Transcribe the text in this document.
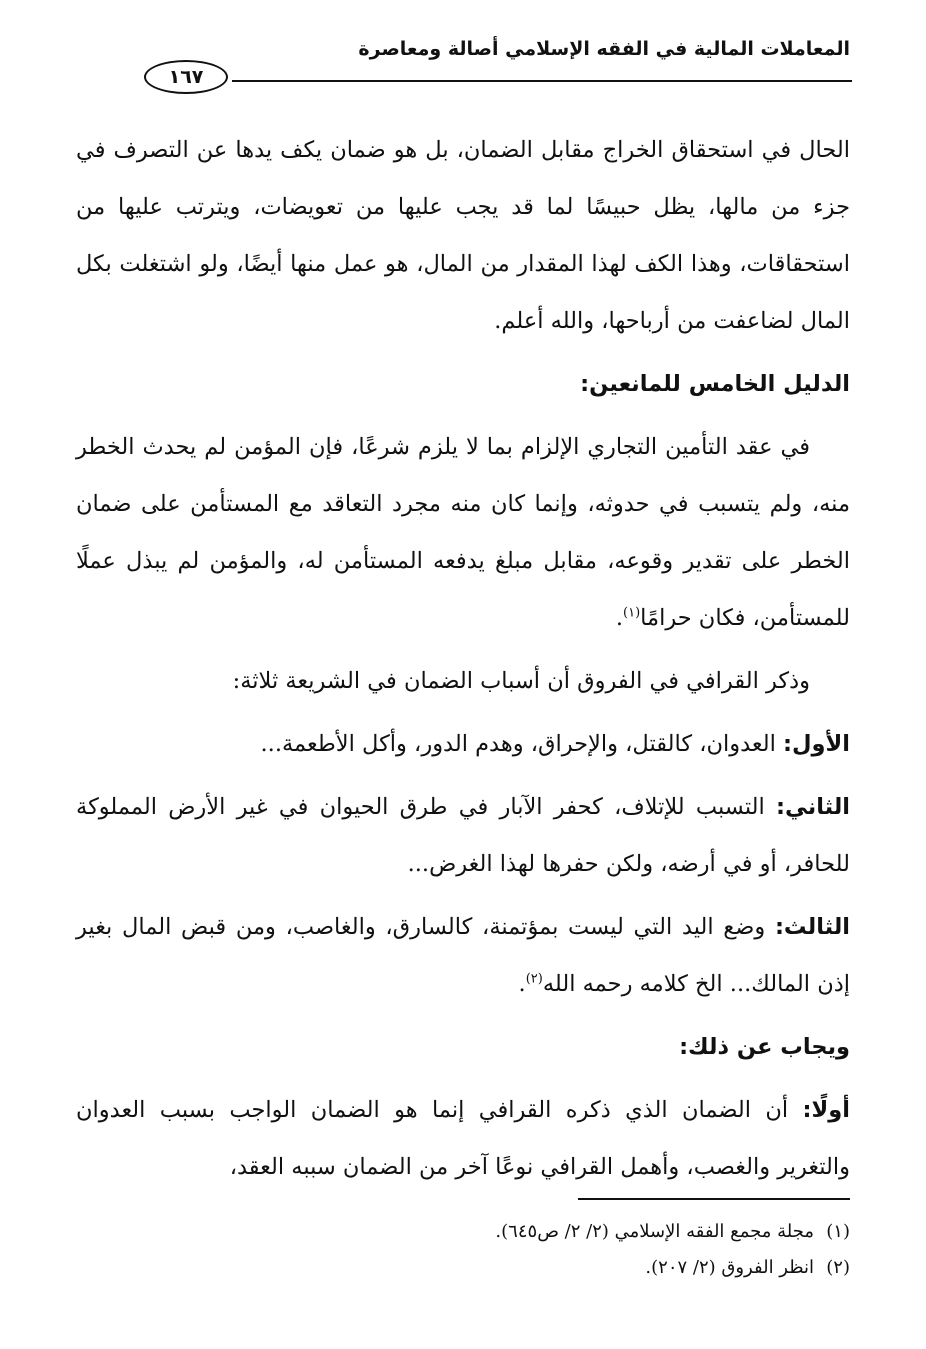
المعاملات المالية في الفقه الإسلامي أصالة ومعاصرة
١٦٧

الحال في استحقاق الخراج مقابل الضمان، بل هو ضمان يكف يدها عن التصرف في جزء من مالها، يظل حبيسًا لما قد يجب عليها من تعويضات، ويترتب عليها من استحقاقات، وهذا الكف لهذا المقدار من المال، هو عمل منها أيضًا، ولو اشتغلت بكل المال لضاعفت من أرباحها، والله أعلم.

الدليل الخامس للمانعين:

في عقد التأمين التجاري الإلزام بما لا يلزم شرعًا، فإن المؤمن لم يحدث الخطر منه، ولم يتسبب في حدوثه، وإنما كان منه مجرد التعاقد مع المستأمن على ضمان الخطر على تقدير وقوعه، مقابل مبلغ يدفعه المستأمن له، والمؤمن لم يبذل عملًا للمستأمن، فكان حرامًا$^{(١)}$.

وذكر القرافي في الفروق أن أسباب الضمان في الشريعة ثلاثة:

الأول: العدوان، كالقتل، والإحراق، وهدم الدور، وأكل الأطعمة...

الثاني: التسبب للإتلاف، كحفر الآبار في طرق الحيوان في غير الأرض المملوكة للحافر، أو في أرضه، ولكن حفرها لهذا الغرض...

الثالث: وضع اليد التي ليست بمؤتمنة، كالسارق، والغاصب، ومن قبض المال بغير إذن المالك... الخ كلامه رحمه الله$^{(٢)}$.

ويجاب عن ذلك:

أولًا: أن الضمان الذي ذكره القرافي إنما هو الضمان الواجب بسبب العدوان والتغرير والغصب، وأهمل القرافي نوعًا آخر من الضمان سببه العقد،

(١)مجلة مجمع الفقه الإسلامي (٢/ ٢/ ص٦٤٥).

(٢)انظر الفروق (٢/ ٢٠٧).
